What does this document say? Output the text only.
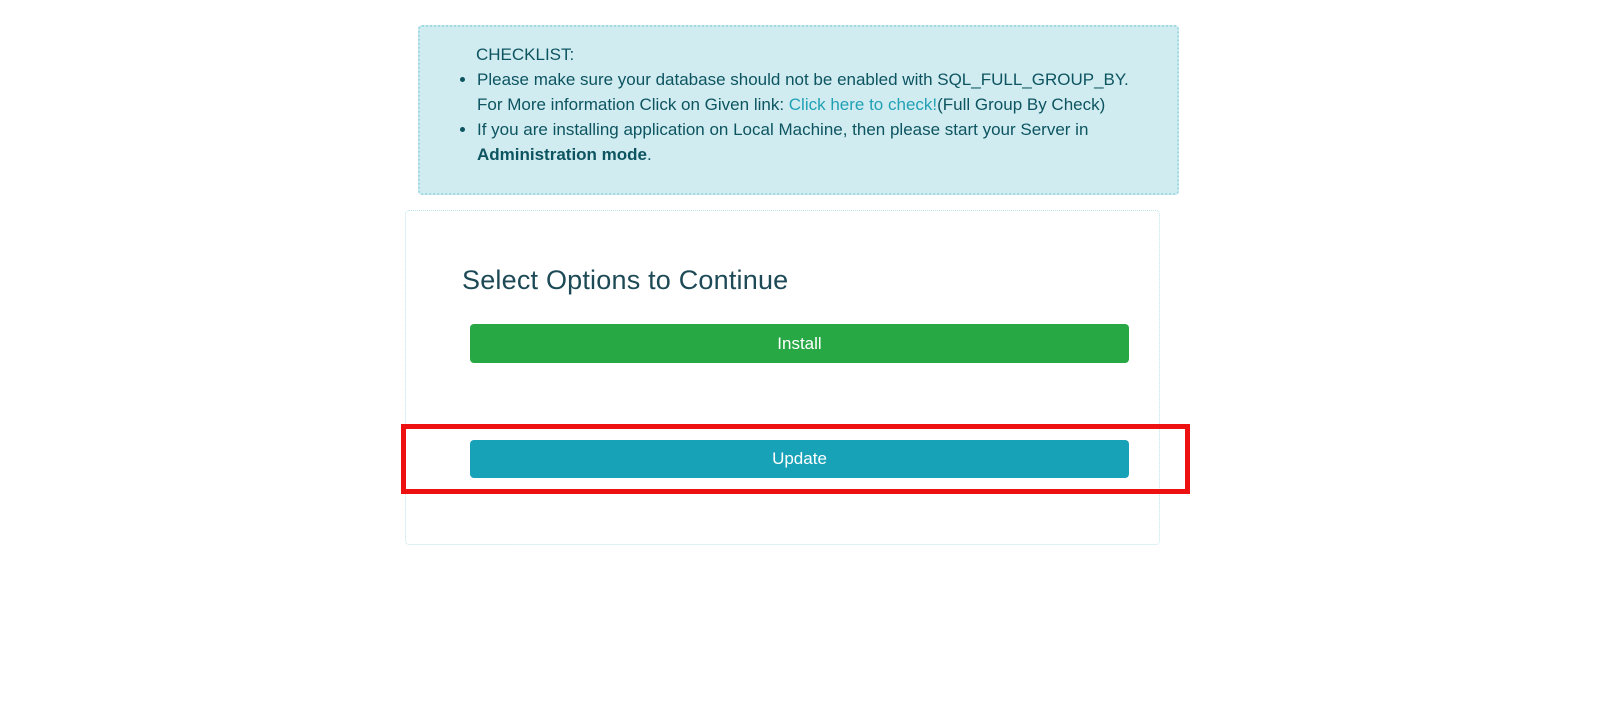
CHECKLIST:
• Please make sure your database should not be enabled with SQL_FULL_GROUP_BY.
For More information Click on Given link: Click here to check!(Full Group By Check)
• If you are installing application on Local Machine, then please start your Server in
Administration mode.
Select Options to Continue
Install
Update
